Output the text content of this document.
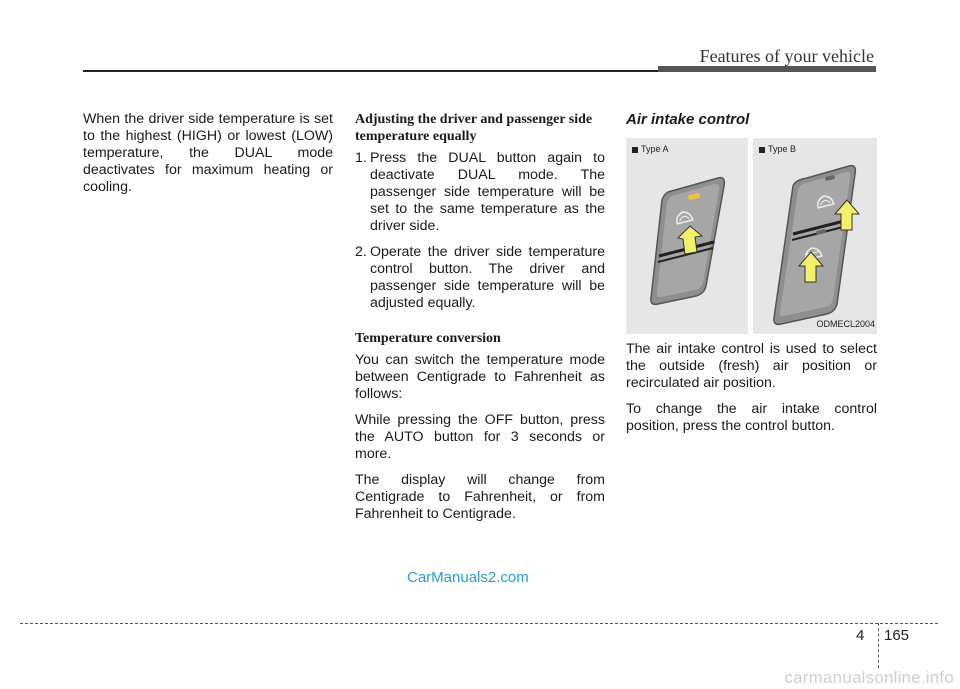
Features of your vehicle

When the driver side temperature is set to the highest (HIGH) or lowest (LOW) temperature, the DUAL mode deactivates for maximum heating or cooling.

Adjusting the driver and passenger side temperature equally
1. Press the DUAL button again to deactivate DUAL mode. The passenger side temperature will be set to the same temperature as the driver side.
2. Operate the driver side temperature control button. The driver and passenger side temperature will be adjusted equally.
Temperature conversion

You can switch the temperature mode between Centigrade to Fahrenheit as follows:

While pressing the OFF button, press the AUTO button for 3 seconds or more.

The display will change from Centigrade to Fahrenheit, or from Fahrenheit to Centigrade.

Air intake control
Type A	Type B
ODMECL2004

The air intake control is used to select the outside (fresh) air position or recirculated air position.

To change the air intake control position, press the control button.

CarManuals2.com
4 165
carmanualsonline.info
